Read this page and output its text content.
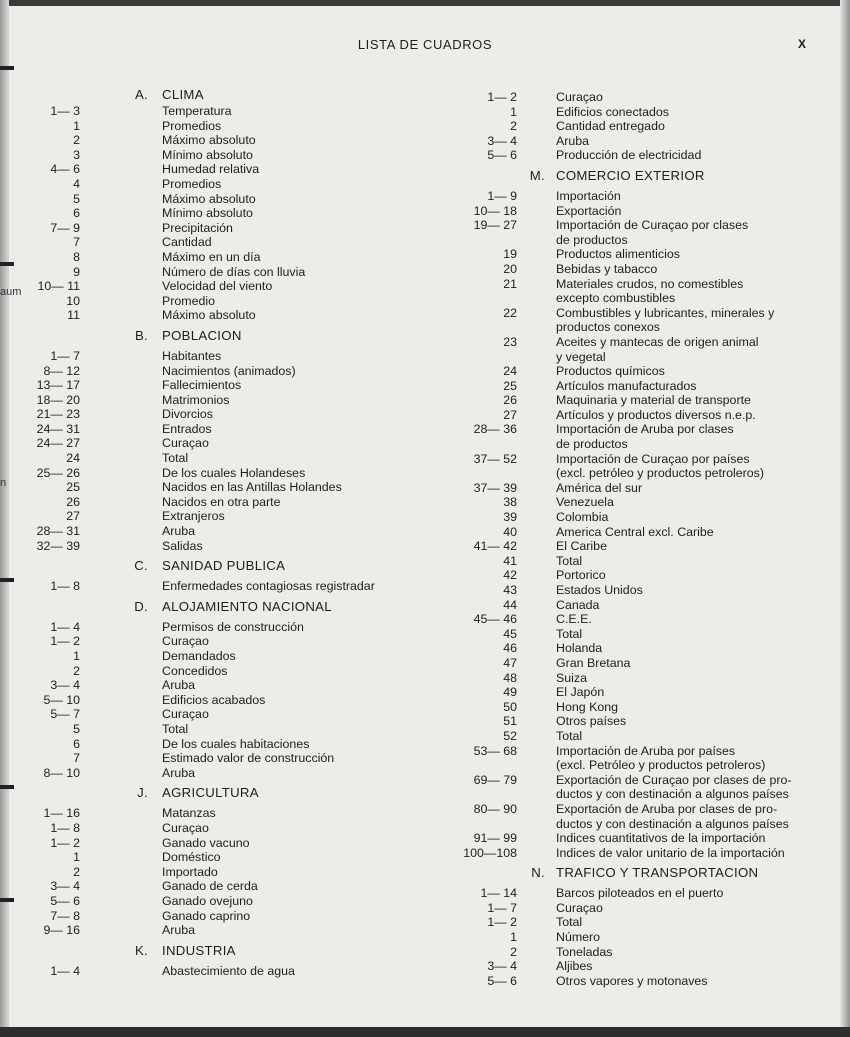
aum
n
LISTA DE CUADROS	X
A. CLIMA
1— 3	Temperatura
1	Promedios
2	Máximo absoluto
3	Mínimo absoluto
4— 6	Humedad relativa
4	Promedios
5	Máximo absoluto
6	Mínimo absoluto
7— 9	Precipitación
7	Cantidad
8	Máximo en un día
9	Número de días con lluvia
10— 11	Velocidad del viento
10	Promedio
11	Máximo absoluto
B. POBLACION
1— 7	Habitantes
8— 12	Nacimientos (animados)
13— 17	Fallecimientos
18— 20	Matrimonios
21— 23	Divorcios
24— 31	Entrados
24— 27	Curaçao
24	Total
25— 26	De los cuales Holandeses
25	Nacidos en las Antillas Holandes
26	Nacidos en otra parte
27	Extranjeros
28— 31	Aruba
32— 39	Salidas
C. SANIDAD PUBLICA
1— 8	Enfermedades contagiosas registradar
D. ALOJAMIENTO NACIONAL
1— 4	Permisos de construcción
1— 2	Curaçao
1	Demandados
2	Concedidos
3— 4	Aruba
5— 10	Edificios acabados
5— 7	Curaçao
5	Total
6	De los cuales habitaciones
7	Estimado valor de construcción
8— 10	Aruba
J. AGRICULTURA
1— 16	Matanzas
1— 8	Curaçao
1— 2	Ganado vacuno
1	Doméstico
2	Importado
3— 4	Ganado de cerda
5— 6	Ganado ovejuno
7— 8	Ganado caprino
9— 16	Aruba
K. INDUSTRIA
1— 4	Abastecimiento de agua
1— 2	Curaçao
1	Edificios conectados
2	Cantidad entregado
3— 4	Aruba
5— 6	Producción de electricidad
M. COMERCIO EXTERIOR
1— 9	Importación
10— 18	Exportación
19— 27	Importación de Curaçao por clases
de productos
19	Productos alimenticios
20	Bebidas y tabacco
21	Materiales crudos, no comestibles
excepto combustibles
22	Combustibles y lubricantes, minerales y
productos conexos
23	Aceites y mantecas de origen animal
y vegetal
24	Productos químicos
25	Artículos manufacturados
26	Maquinaria y material de transporte
27	Artículos y productos diversos n.e.p.
28— 36	Importación de Aruba por clases
de productos
37— 52	Importación de Curaçao por países
(excl. petróleo y productos petroleros)
37— 39	América del sur
38	Venezuela
39	Colombia
40	America Central excl. Caribe
41— 42	El Caribe
41	Total
42	Portorico
43	Estados Unidos
44	Canada
45— 46	C.E.E.
45	Total
46	Holanda
47	Gran Bretana
48	Suiza
49	El Japón
50	Hong Kong
51	Otros países
52	Total
53— 68	Importación de Aruba por países
(excl. Petróleo y productos petroleros)
69— 79	Exportación de Curaçao por clases de pro-
ductos y con destinación a algunos países
80— 90	Exportación de Aruba por clases de pro-
ductos y con destinación a algunos países
91— 99	Indices cuantitativos de la importación
100—108	Indices de valor unitario de la importación
N. TRAFICO Y TRANSPORTACION
1— 14	Barcos piloteados en el puerto
1— 7	Curaçao
1— 2	Total
1	Número
2	Toneladas
3— 4	Aljibes
5— 6	Otros vapores y motonaves
